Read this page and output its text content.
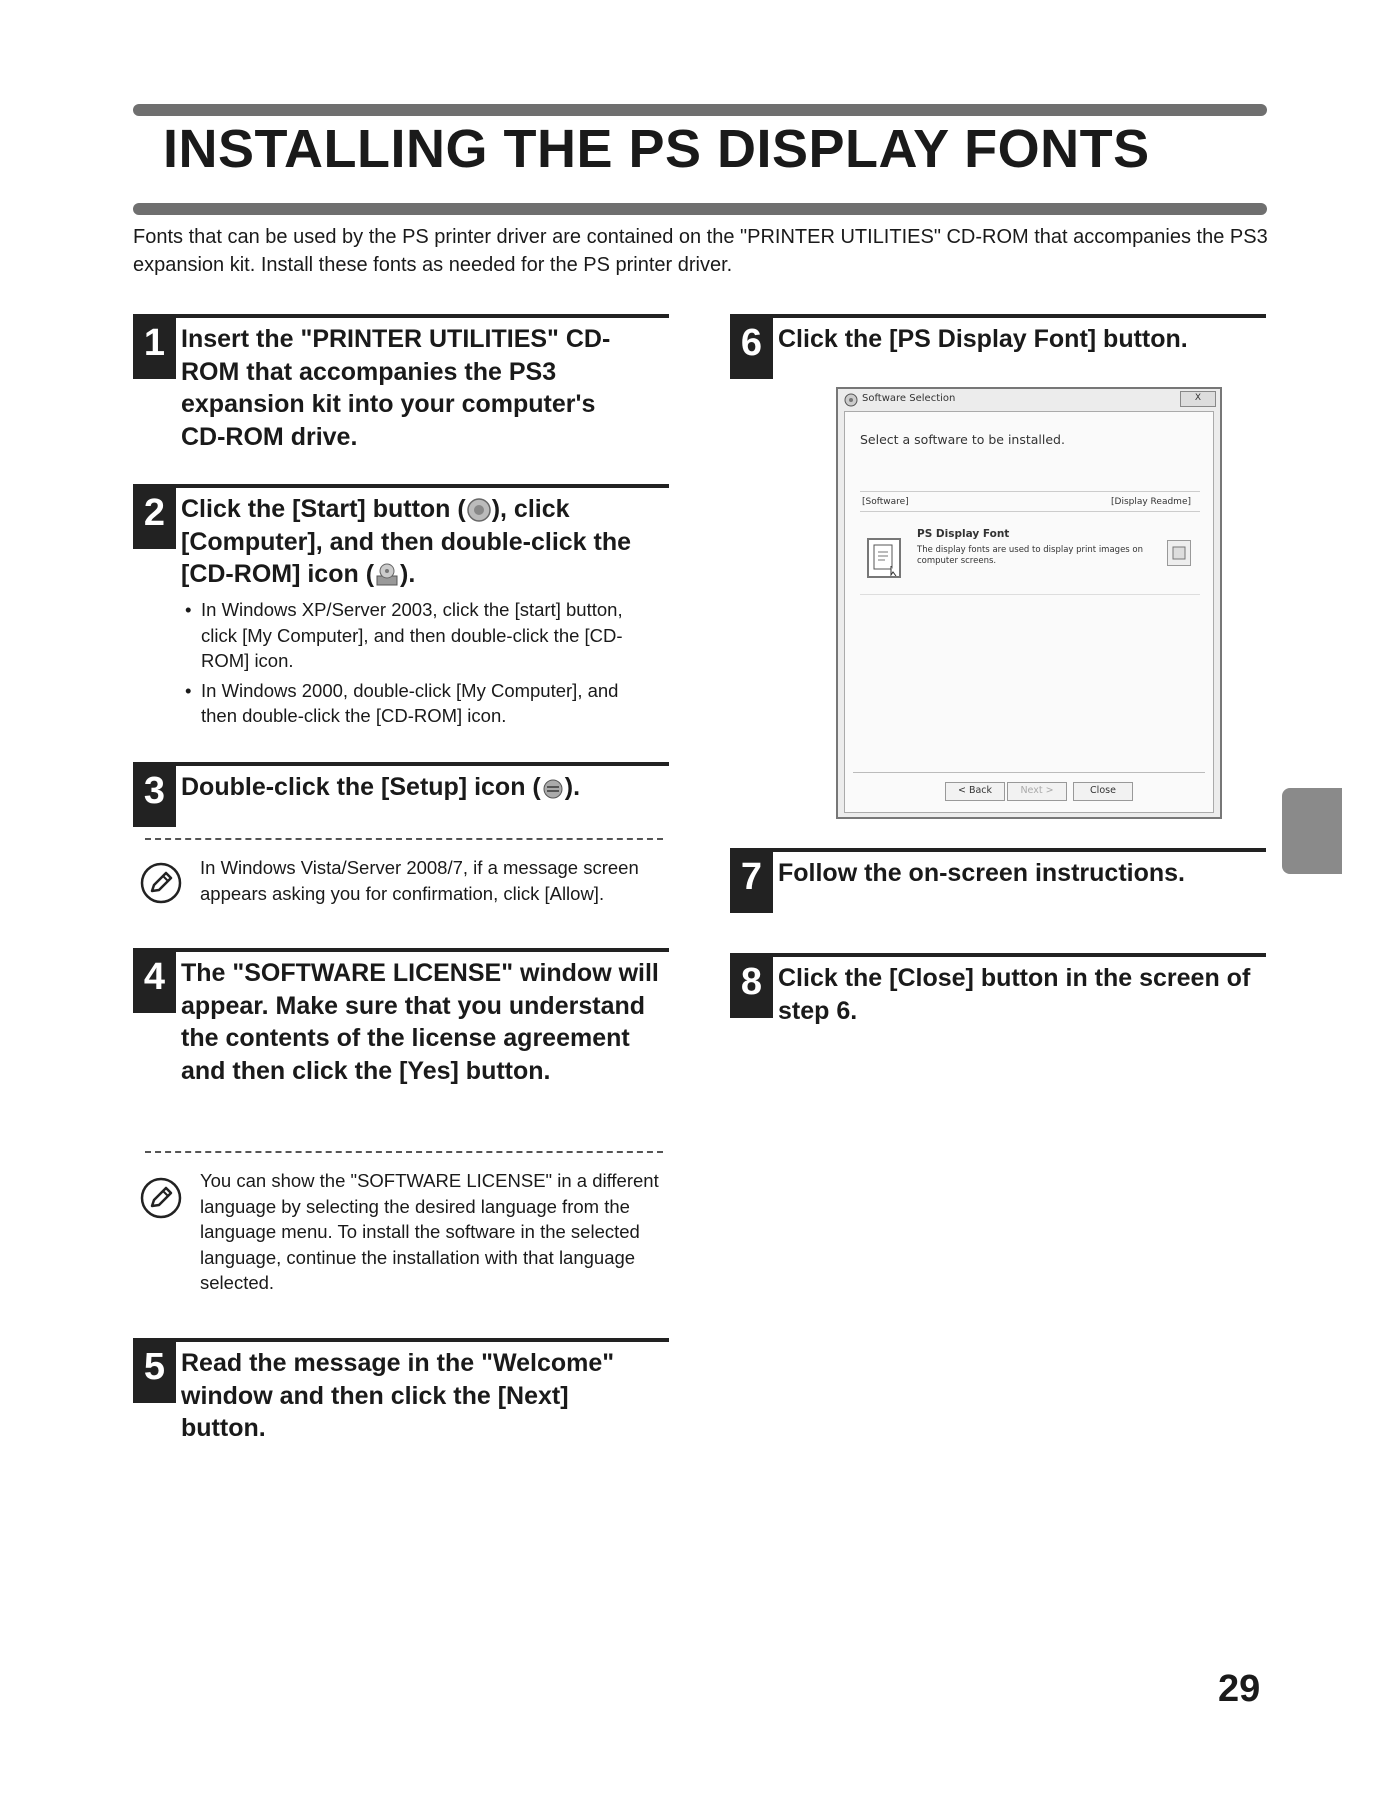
INSTALLING THE PS DISPLAY FONTS

Fonts that can be used by the PS printer driver are contained on the "PRINTER UTILITIES" CD-ROM that accompanies the PS3 expansion kit. Install these fonts as needed for the PS printer driver.

1 Insert the "PRINTER UTILITIES" CD-ROM that accompanies the PS3 expansion kit into your computer's CD-ROM drive.

2 Click the [Start] button ( ), click [Computer], and then double-click the [CD-ROM] icon ( ).

• In Windows XP/Server 2003, click the [start] button, click [My Computer], and then double-click the [CD-ROM] icon.
• In Windows 2000, double-click [My Computer], and then double-click the [CD-ROM] icon.
3 Double-click the [Setup] icon ( ).

In Windows Vista/Server 2008/7, if a message screen appears asking you for confirmation, click [Allow].

4 The "SOFTWARE LICENSE" window will appear. Make sure that you understand the contents of the license agreement and then click the [Yes] button.

You can show the "SOFTWARE LICENSE" in a different language by selecting the desired language from the language menu. To install the software in the selected language, continue the installation with that language selected.

5 Read the message in the "Welcome" window and then click the [Next] button.

6 Click the [PS Display Font] button.

Software Selection	X
Select a software to be installed.
[Software]	[Display Readme]
PS Display Font
The display fonts are used to display print images on computer screens.
< Back	Next >	Close
7 Follow the on-screen instructions.

8 Click the [Close] button in the screen of step 6.

29
